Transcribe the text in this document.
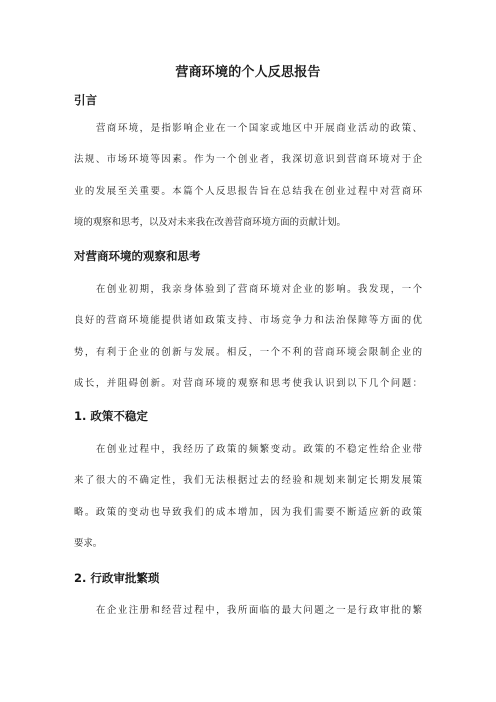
营商环境的个人反思报告
引言
营商环境，是指影响企业在一个国家或地区中开展商业活动的政策、
法规、市场环境等因素。作为一个创业者，我深切意识到营商环境对于企
业的发展至关重要。本篇个人反思报告旨在总结我在创业过程中对营商环
境的观察和思考，以及对未来我在改善营商环境方面的贡献计划。
对营商环境的观察和思考
在创业初期，我亲身体验到了营商环境对企业的影响。我发现，一个
良好的营商环境能提供诸如政策支持、市场竞争力和法治保障等方面的优
势，有利于企业的创新与发展。相反，一个不利的营商环境会限制企业的
成长，并阻碍创新。对营商环境的观察和思考使我认识到以下几个问题：
1. 政策不稳定
在创业过程中，我经历了政策的频繁变动。政策的不稳定性给企业带
来了很大的不确定性，我们无法根据过去的经验和规划来制定长期发展策
略。政策的变动也导致我们的成本增加，因为我们需要不断适应新的政策
要求。
2. 行政审批繁琐
在企业注册和经营过程中，我所面临的最大问题之一是行政审批的繁
